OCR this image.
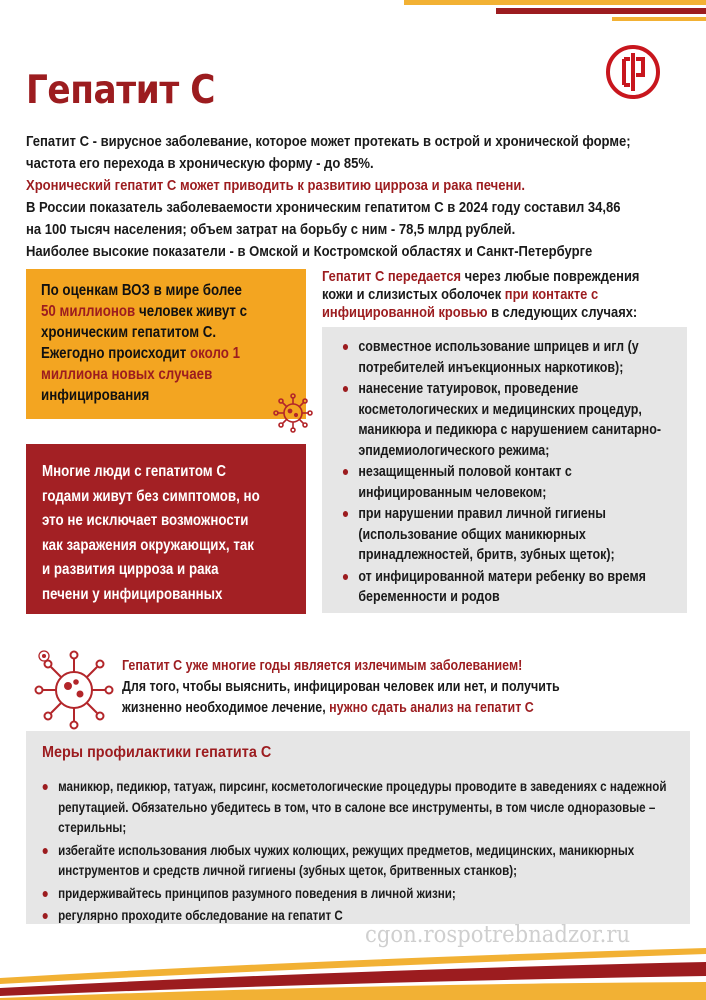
Гепатит С
Гепатит С - вирусное заболевание, которое может протекать в острой и хронической форме;
частота его перехода в хроническую форму - до 85%.
Хронический гепатит С может приводить к развитию цирроза и рака печени.
В России показатель заболеваемости хроническим гепатитом С в 2024 году составил 34,86
на 100 тысяч населения; объем затрат на борьбу с ним - 78,5 млрд рублей.
Наиболее высокие показатели - в Омской и Костромской областях и Санкт-Петербурге
По оценкам ВОЗ в мире более
50 миллионов человек живут с
хроническим гепатитом С.
Ежегодно происходит около 1
миллиона новых случаев
инфицирования
Многие люди с гепатитом С
годами живут без симптомов, но
это не исключает возможности
как заражения окружающих, так
и развития цирроза и рака
печени у инфицированных
Гепатит С передается через любые повреждения
кожи и слизистых оболочек при контакте с
инфицированной кровью в следующих случаях:
совместное использование шприцев и игл (у потребителей инъекционных наркотиков);
нанесение татуировок, проведение косметологических и медицинских процедур, маникюра и педикюра с нарушением санитарно-эпидемиологического режима;
незащищенный половой контакт с инфицированным человеком;
при нарушении правил личной гигиены (использование общих маникюрных принадлежностей, бритв, зубных щеток);
от инфицированной матери ребенку во время беременности и родов
Гепатит С уже многие годы является излечимым заболеванием!
Для того, чтобы выяснить, инфицирован человек или нет, и получить
жизненно необходимое лечение, нужно сдать анализ на гепатит С
Меры профилактики гепатита С
маникюр, педикюр, татуаж, пирсинг, косметологические процедуры проводите в заведениях с надежной репутацией. Обязательно убедитесь в том, что в салоне все инструменты, в том числе одноразовые – стерильны;
избегайте использования любых чужих колющих, режущих предметов, медицинских, маникюрных инструментов и средств личной гигиены (зубных щеток, бритвенных станков);
придерживайтесь принципов разумного поведения в личной жизни;
регулярно проходите обследование на гепатит С
cgon.rospotrebnadzor.ru
